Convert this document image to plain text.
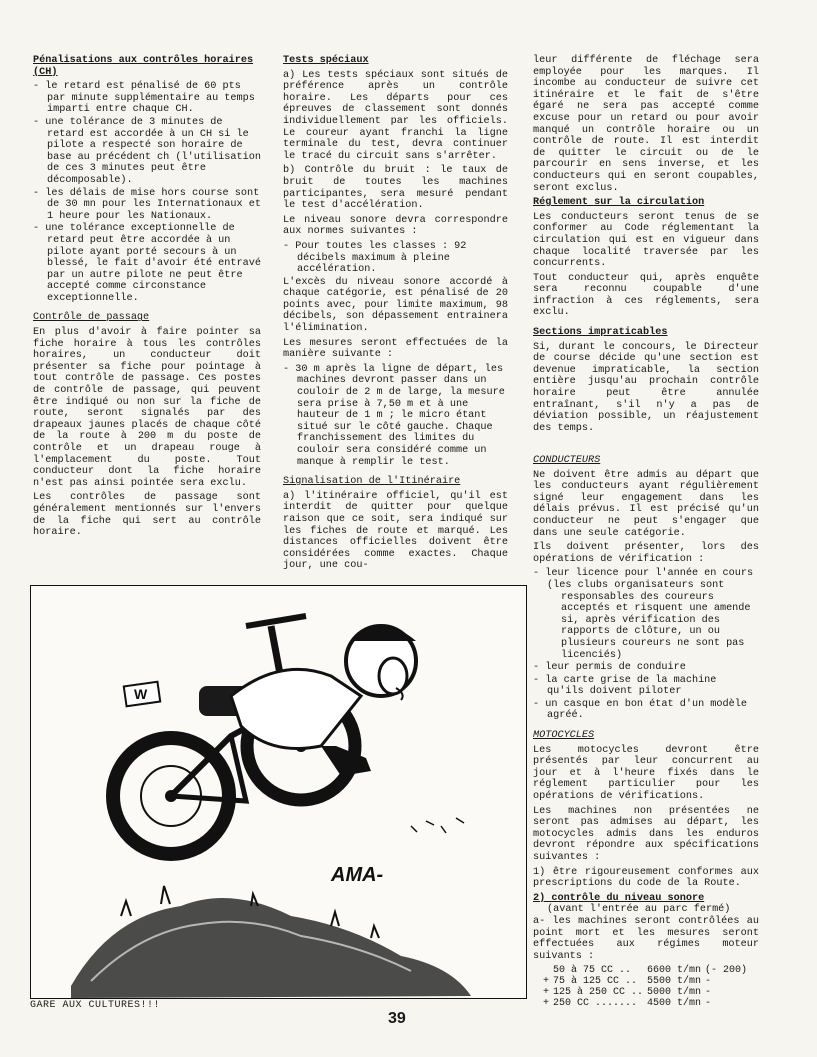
Pénalisations aux contrôles horaires (CH)
- le retard est pénalisé de 60 pts par minute supplémentaire au temps imparti entre chaque CH.
- une tolérance de 3 minutes de retard est accordée à un CH si le pilote a respecté son horaire de base au précédent ch (l'utilisation de ces 3 minutes peut être décomposable).
- les délais de mise hors course sont de 30 mn pour les Internationaux et 1 heure pour les Nationaux.
- une tolérance exceptionnelle de retard peut être accordée à un pilote ayant porté secours à un blessé, le fait d'avoir été entravé par un autre pilote ne peut être accepté comme circonstance exceptionnelle.
Contrôle de passage

En plus d'avoir à faire pointer sa fiche horaire à tous les contrôles horaires, un conducteur doit présenter sa fiche pour pointage à tout contrôle de passage. Ces postes de contrôle de passage, qui peuvent être indiqué ou non sur la fiche de route, seront signalés par des drapeaux jaunes placés de chaque côté de la route à 200 m du poste de contrôle et un drapeau rouge à l'emplacement du poste. Tout conducteur dont la fiche horaire n'est pas ainsi pointée sera exclu.

Les contrôles de passage sont généralement mentionnés sur l'envers de la fiche qui sert au contrôle horaire.

Tests spéciaux

a) Les tests spéciaux sont situés de préférence après un contrôle horaire. Les départs pour ces épreuves de classement sont donnés individuellement par les officiels. Le coureur ayant franchi la ligne terminale du test, devra continuer le tracé du circuit sans s'arrêter.

b) Contrôle du bruit : le taux de bruit de toutes les machines participantes, sera mesuré pendant le test d'accélération.

Le niveau sonore devra correspondre aux normes suivantes :

- Pour toutes les classes : 92 décibels maximum à pleine accélération.

L'excès du niveau sonore accordé à chaque catégorie, est pénalisé de 20 points avec, pour limite maximum, 98 décibels, son dépassement entrainera l'élimination.

Les mesures seront effectuées de la manière suivante :

- 30 m après la ligne de départ, les machines devront passer dans un couloir de 2 m de large, la mesure sera prise à 7,50 m et à une hauteur de 1 m ; le micro étant situé sur le côté gauche. Chaque franchissement des limites du couloir sera considéré comme un manque à remplir le test.
Signalisation de l'Itinéraire

a) l'itinéraire officiel, qu'il est interdit de quitter pour quelque raison que ce soit, sera indiqué sur les fiches de route et marqué. Les distances officielles doivent être considérées comme exactes. Chaque jour, une cou-

leur différente de fléchage sera employée pour les marques. Il incombe au conducteur de suivre cet itinéraire et le fait de s'être égaré ne sera pas accepté comme excuse pour un retard ou pour avoir manqué un contrôle horaire ou un contrôle de route. Il est interdit de quitter le circuit ou de le parcourir en sens inverse, et les conducteurs qui en seront coupables, seront exclus.

Réglement sur la circulation

Les conducteurs seront tenus de se conformer au Code réglementant la circulation qui est en vigueur dans chaque localité traversée par les concurrents.

Tout conducteur qui, après enquête sera reconnu coupable d'une infraction à ces réglements, sera exclu.

Sections impraticables

Si, durant le concours, le Directeur de course décide qu'une section est devenue impraticable, la section entière jusqu'au prochain contrôle horaire peut être annulée entraînant, s'il n'y a pas de déviation possible, un réajustement des temps.

CONDUCTEURS

Ne doivent être admis au départ que les conducteurs ayant régulièrement signé leur engagement dans les délais prévus. Il est précisé qu'un conducteur ne peut s'engager que dans une seule catégorie.

Ils doivent présenter, lors des opérations de vérification :

- leur licence pour l'année en cours
(les clubs organisateurs sont responsables des coureurs acceptés et risquent une amende si, après vérification des rapports de clôture, un ou plusieurs coureurs ne sont pas licenciés)
- leur permis de conduire
- la carte grise de la machine qu'ils doivent piloter
- un casque en bon état d'un modèle agréé.
MOTOCYCLES

Les motocycles devront être présentés par leur concurrent au jour et à l'heure fixés dans le réglement particulier pour les opérations de vérifications.

Les machines non présentées ne seront pas admises au départ, les motocycles admis dans les enduros devront répondre aux spécifications suivantes :

1) être rigoureusement conformes aux prescriptions du code de la Route.

2) contrôle du niveau sonore
(avant l'entrée au parc fermé)

a- les machines seront contrôlées au point mort et les mesures seront effectuées aux régimes moteur suivants :

	50 à 75 CC ..	6600 t/mn	(- 200)
+	75 à 125 CC ..	5500 t/mn	-
+	125 à 250 CC ..	5000 t/mn	-
+	250 CC .......	4500 t/mn	-
W
AMA-
GARE AUX CULTURES!!!
39
